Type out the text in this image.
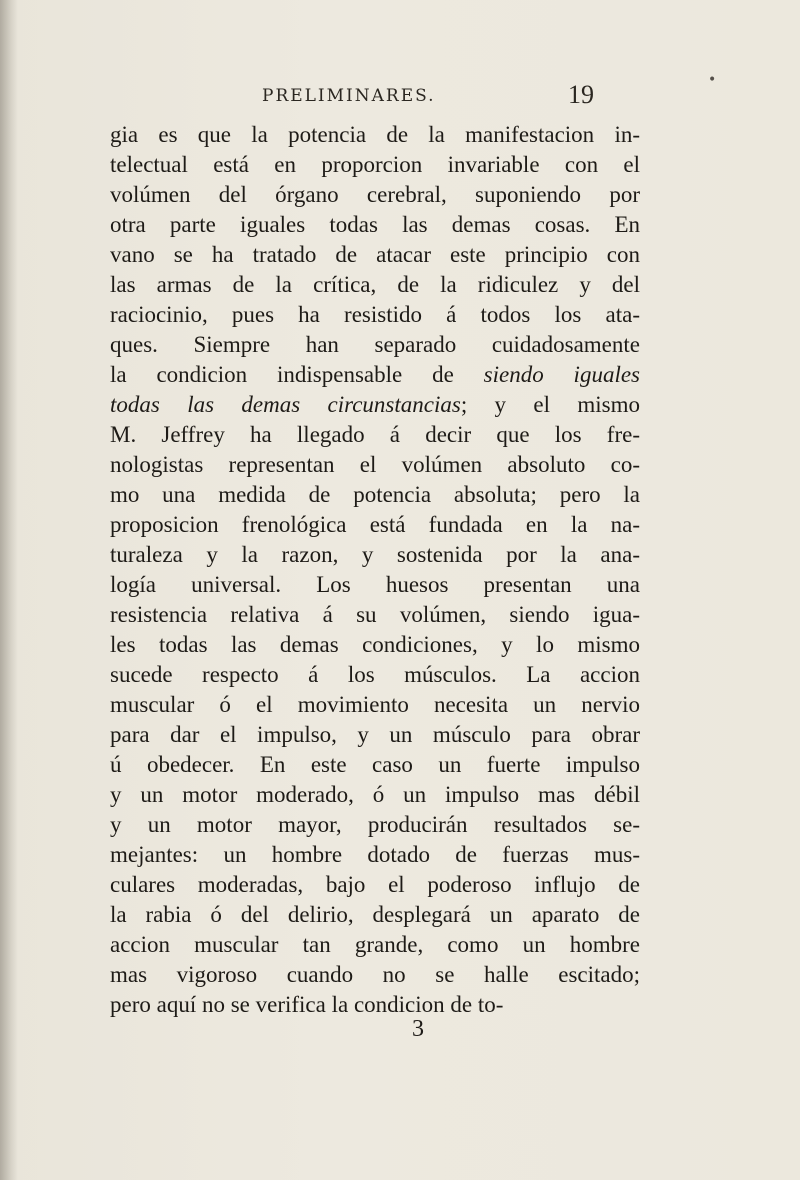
•
PRELIMINARES.	19
gia es que la potencia de la manifestacion in-
telectual está en proporcion invariable con el
volúmen del órgano cerebral, suponiendo por
otra parte iguales todas las demas cosas. En
vano se ha tratado de atacar este principio con
las armas de la crítica, de la ridiculez y del
raciocinio, pues ha resistido á todos los ata-
ques. Siempre han separado cuidadosamente
la condicion indispensable de siendo iguales
todas las demas circunstancias; y el mismo
M. Jeffrey ha llegado á decir que los fre-
nologistas representan el volúmen absoluto co-
mo una medida de potencia absoluta; pero la
proposicion frenológica está fundada en la na-
turaleza y la razon, y sostenida por la ana-
logía universal. Los huesos presentan una
resistencia relativa á su volúmen, siendo igua-
les todas las demas condiciones, y lo mismo
sucede respecto á los músculos. La accion
muscular ó el movimiento necesita un nervio
para dar el impulso, y un músculo para obrar
ú obedecer. En este caso un fuerte impulso
y un motor moderado, ó un impulso mas débil
y un motor mayor, producirán resultados se-
mejantes: un hombre dotado de fuerzas mus-
culares moderadas, bajo el poderoso influjo de
la rabia ó del delirio, desplegará un aparato de
accion muscular tan grande, como un hombre
mas vigoroso cuando no se halle escitado;
pero aquí no se verifica la condicion de to-
3
